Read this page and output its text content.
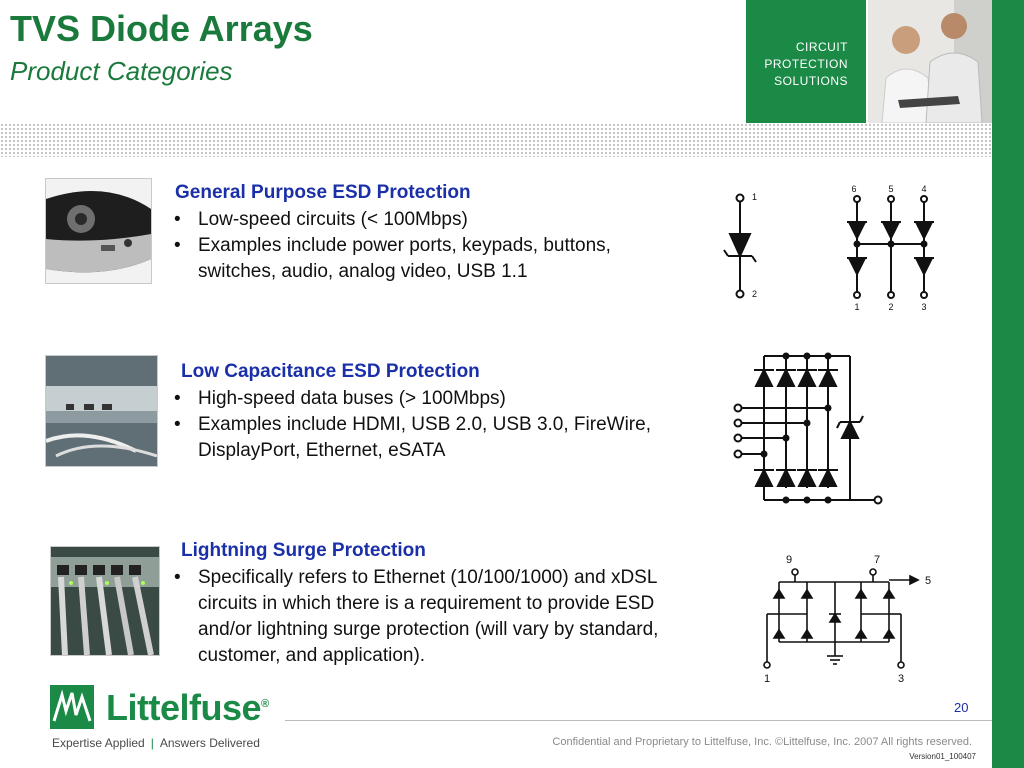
TVS Diode Arrays
Product Categories
CIRCUIT
PROTECTION
SOLUTIONS
General Purpose ESD Protection
• Low-speed circuits (< 100Mbps)
• Examples include power ports, keypads, buttons, switches, audio, analog video, USB 1.1
1
2
6	5	4
1	2	3
Low Capacitance ESD Protection
• High-speed data buses (> 100Mbps)
• Examples include HDMI, USB 2.0, USB 3.0, FireWire, DisplayPort, Ethernet, eSATA
Lightning Surge Protection
• Specifically refers to Ethernet (10/100/1000) and xDSL circuits in which there is a requirement to provide ESD and/or lightning surge protection (will vary by standard, customer, and application).
9	7
5
1	3
20
Littelfuse®
Expertise Applied | Answers Delivered	Confidential and Proprietary to Littelfuse, Inc. ©Littelfuse, Inc. 2007 All rights reserved.
Version01_100407
